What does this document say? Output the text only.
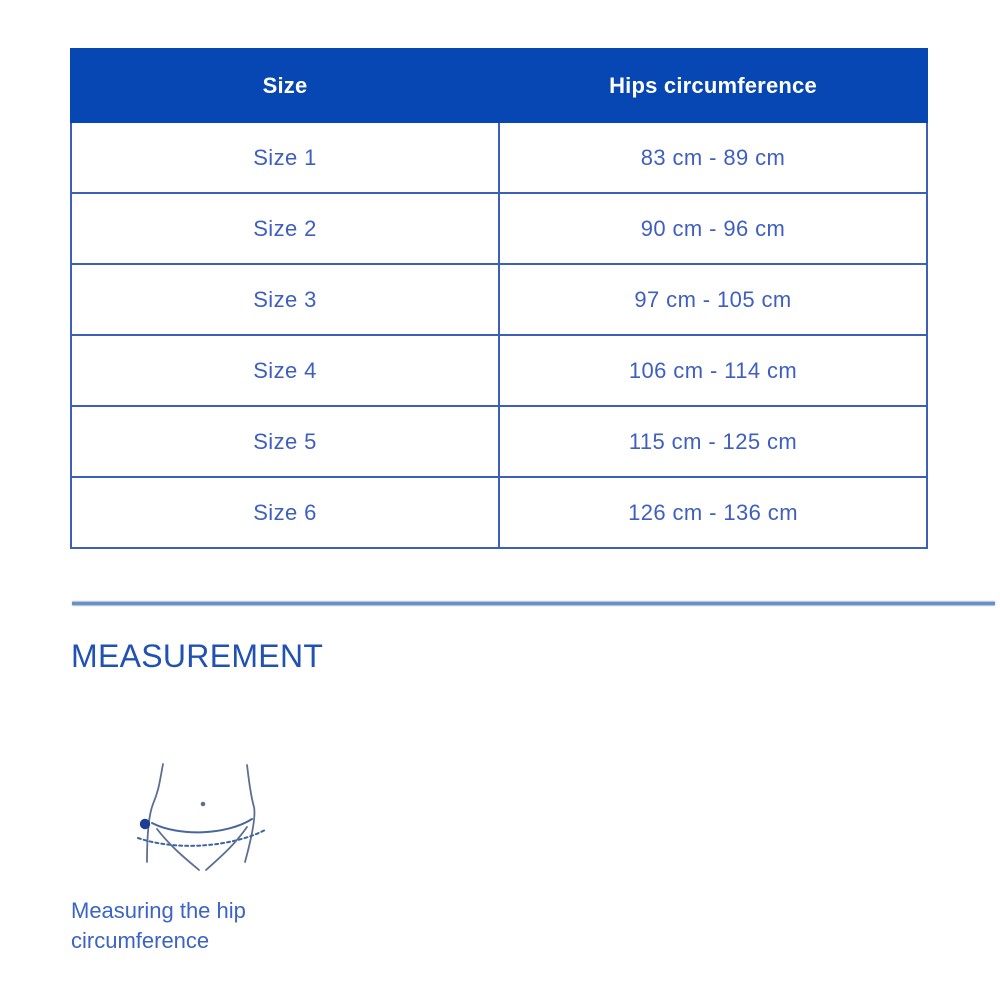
Size	Hips circumference
Size 1	83 cm - 89 cm
Size 2	90 cm - 96 cm
Size 3	97 cm - 105 cm
Size 4	106 cm - 114 cm
Size 5	115 cm - 125 cm
Size 6	126 cm - 136 cm
MEASUREMENT
Measuring the hip circumference
